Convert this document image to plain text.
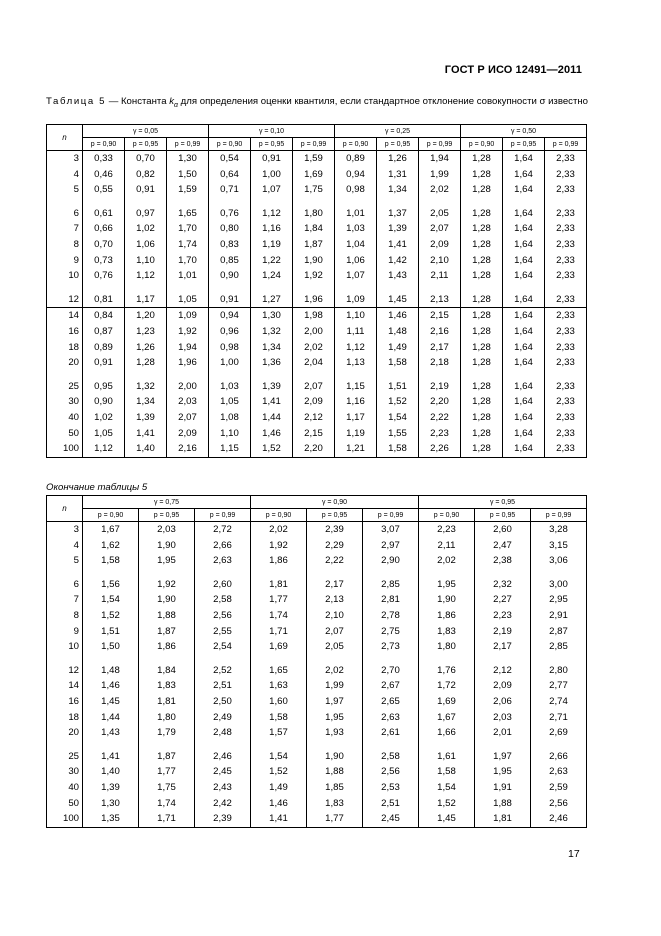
ГОСТ Р ИСО 12491—2011
Таблица 5 — Константа $k_\alpha$ для определения оценки квантиля, если стандартное отклонение совокупности σ известно
n	γ = 0,05			γ = 0,10			γ = 0,25			γ = 0,50		
	p = 0,90	p = 0,95	p = 0,99	p = 0,90	p = 0,95	p = 0,99	p = 0,90	p = 0,95	p = 0,99	p = 0,90	p = 0,95	p = 0,99
3	0,33	0,70	1,30	0,54	0,91	1,59	0,89	1,26	1,94	1,28	1,64	2,33
4	0,46	0,82	1,50	0,64	1,00	1,69	0,94	1,31	1,99	1,28	1,64	2,33
5	0,55	0,91	1,59	0,71	1,07	1,75	0,98	1,34	2,02	1,28	1,64	2,33

6	0,61	0,97	1,65	0,76	1,12	1,80	1,01	1,37	2,05	1,28	1,64	2,33
7	0,66	1,02	1,70	0,80	1,16	1,84	1,03	1,39	2,07	1,28	1,64	2,33
8	0,70	1,06	1,74	0,83	1,19	1,87	1,04	1,41	2,09	1,28	1,64	2,33
9	0,73	1,10	1,70	0,85	1,22	1,90	1,06	1,42	2,10	1,28	1,64	2,33
10	0,76	1,12	1,01	0,90	1,24	1,92	1,07	1,43	2,11	1,28	1,64	2,33

12	0,81	1,17	1,05	0,91	1,27	1,96	1,09	1,45	2,13	1,28	1,64	2,33
14	0,84	1,20	1,09	0,94	1,30	1,98	1,10	1,46	2,15	1,28	1,64	2,33
16	0,87	1,23	1,92	0,96	1,32	2,00	1,11	1,48	2,16	1,28	1,64	2,33
18	0,89	1,26	1,94	0,98	1,34	2,02	1,12	1,49	2,17	1,28	1,64	2,33
20	0,91	1,28	1,96	1,00	1,36	2,04	1,13	1,58	2,18	1,28	1,64	2,33

25	0,95	1,32	2,00	1,03	1,39	2,07	1,15	1,51	2,19	1,28	1,64	2,33
30	0,90	1,34	2,03	1,05	1,41	2,09	1,16	1,52	2,20	1,28	1,64	2,33
40	1,02	1,39	2,07	1,08	1,44	2,12	1,17	1,54	2,22	1,28	1,64	2,33
50	1,05	1,41	2,09	1,10	1,46	2,15	1,19	1,55	2,23	1,28	1,64	2,33
100	1,12	1,40	2,16	1,15	1,52	2,20	1,21	1,58	2,26	1,28	1,64	2,33
Окончание таблицы 5
n	γ = 0,75			γ = 0,90			γ = 0,95		
	p = 0,90	p = 0,95	p = 0,99	p = 0,90	p = 0,95	p = 0,99	p = 0,90	p = 0,95	p = 0,99
3	1,67	2,03	2,72	2,02	2,39	3,07	2,23	2,60	3,28
4	1,62	1,90	2,66	1,92	2,29	2,97	2,11	2,47	3,15
5	1,58	1,95	2,63	1,86	2,22	2,90	2,02	2,38	3,06

6	1,56	1,92	2,60	1,81	2,17	2,85	1,95	2,32	3,00
7	1,54	1,90	2,58	1,77	2,13	2,81	1,90	2,27	2,95
8	1,52	1,88	2,56	1,74	2,10	2,78	1,86	2,23	2,91
9	1,51	1,87	2,55	1,71	2,07	2,75	1,83	2,19	2,87
10	1,50	1,86	2,54	1,69	2,05	2,73	1,80	2,17	2,85

12	1,48	1,84	2,52	1,65	2,02	2,70	1,76	2,12	2,80
14	1,46	1,83	2,51	1,63	1,99	2,67	1,72	2,09	2,77
16	1,45	1,81	2,50	1,60	1,97	2,65	1,69	2,06	2,74
18	1,44	1,80	2,49	1,58	1,95	2,63	1,67	2,03	2,71
20	1,43	1,79	2,48	1,57	1,93	2,61	1,66	2,01	2,69

25	1,41	1,87	2,46	1,54	1,90	2,58	1,61	1,97	2,66
30	1,40	1,77	2,45	1,52	1,88	2,56	1,58	1,95	2,63
40	1,39	1,75	2,43	1,49	1,85	2,53	1,54	1,91	2,59
50	1,30	1,74	2,42	1,46	1,83	2,51	1,52	1,88	2,56
100	1,35	1,71	2,39	1,41	1,77	2,45	1,45	1,81	2,46
17
